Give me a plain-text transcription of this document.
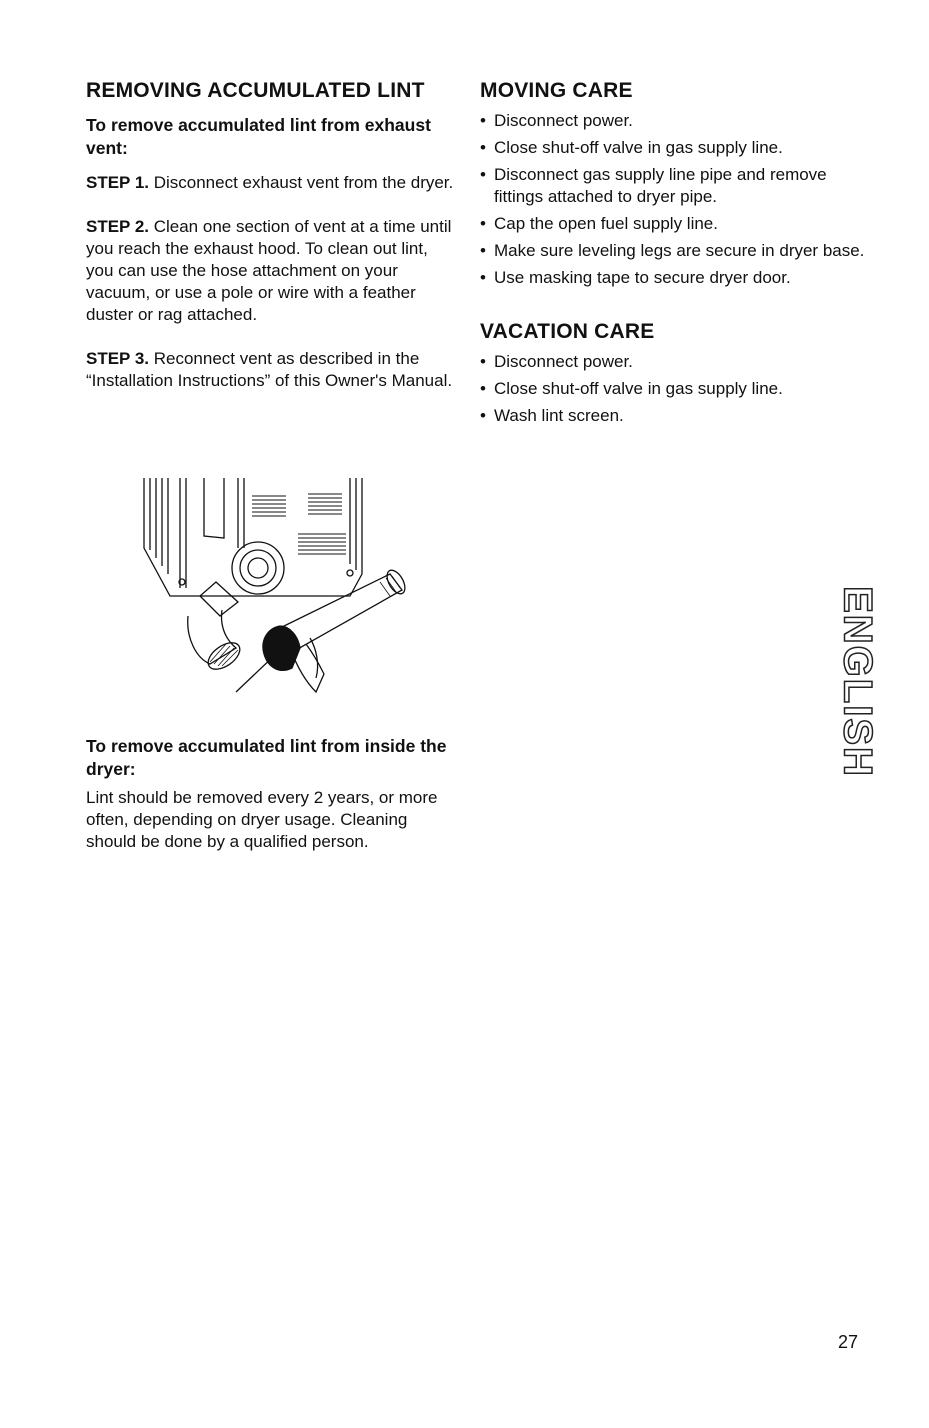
REMOVING ACCUMULATED LINT
To remove accumulated lint from exhaust vent:

STEP 1. Disconnect exhaust vent from the dryer.

STEP 2. Clean one section of vent at a time until you reach the exhaust hood. To clean out lint, you can use the hose attachment on your vacuum, or use a pole or wire with a feather duster or rag attached.

STEP 3. Reconnect vent as described in the “Installation Instructions” of this Owner's Manual.

To remove accumulated lint from inside the dryer:

Lint should be removed every 2 years, or more often, depending on dryer usage. Cleaning should be done by a qualified person.

MOVING CARE
• Disconnect power.
• Close shut-off valve in gas supply line.
• Disconnect gas supply line pipe and remove fittings attached to dryer pipe.
• Cap the open fuel supply line.
• Make sure leveling legs are secure in dryer base.
• Use masking tape to secure dryer door.
VACATION CARE
• Disconnect power.
• Close shut-off valve in gas supply line.
• Wash lint screen.
ENGLISH
27
